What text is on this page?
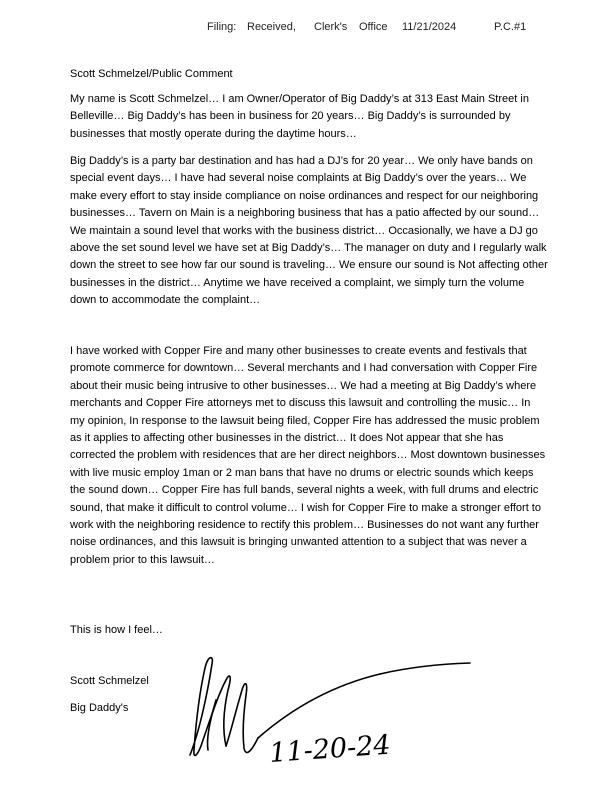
Filing: Received, Clerk's Office 11/21/2024	P.C.#1
Scott Schmelzel/Public Comment

My name is Scott Schmelzel… I am Owner/Operator of Big Daddy’s at 313 East Main Street in Belleville… Big Daddy’s has been in business for 20 years… Big Daddy’s is surrounded by businesses that mostly operate during the daytime hours…

Big Daddy’s is a party bar destination and has had a DJ’s for 20 year… We only have bands on special event days… I have had several noise complaints at Big Daddy’s over the years… We make every effort to stay inside compliance on noise ordinances and respect for our neighboring businesses… Tavern on Main is a neighboring business that has a patio affected by our sound… We maintain a sound level that works with the business district… Occasionally, we have a DJ go above the set sound level we have set at Big Daddy’s… The manager on duty and I regularly walk down the street to see how far our sound is traveling… We ensure our sound is Not affecting other businesses in the district… Anytime we have received a complaint, we simply turn the volume down to accommodate the complaint…

I have worked with Copper Fire and many other businesses to create events and festivals that promote commerce for downtown… Several merchants and I had conversation with Copper Fire about their music being intrusive to other businesses… We had a meeting at Big Daddy’s where merchants and Copper Fire attorneys met to discuss this lawsuit and controlling the music… In my opinion, In response to the lawsuit being filed, Copper Fire has addressed the music problem as it applies to affecting other businesses in the district… It does Not appear that she has corrected the problem with residences that are her direct neighbors… Most downtown businesses with live music employ 1man or 2 man bans that have no drums or electric sounds which keeps the sound down… Copper Fire has full bands, several nights a week, with full drums and electric sound, that make it difficult to control volume… I wish for Copper Fire to make a stronger effort to work with the neighboring residence to rectify this problem… Businesses do not want any further noise ordinances, and this lawsuit is bringing unwanted attention to a subject that was never a problem prior to this lawsuit…

This is how I feel…
Scott Schmelzel
Big Daddy's
11-20-24
